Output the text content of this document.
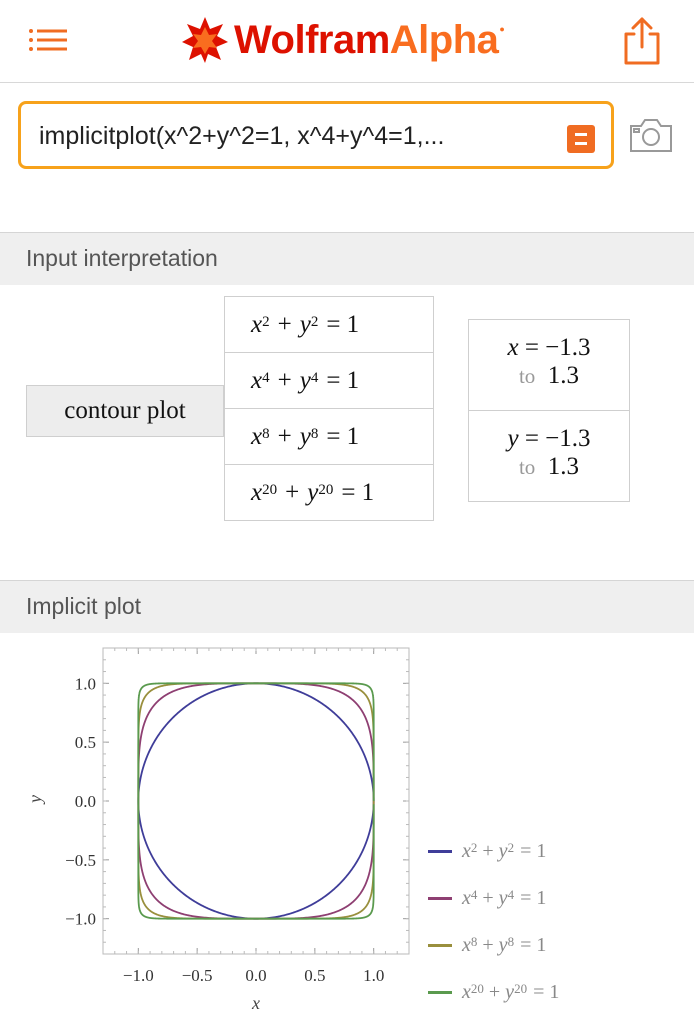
WolframAlpha ●
implicitplot(x^2+y^2=1, x^4+y^4=1,...
Input interpretation
contour plot
$x^2 + y^2 = 1$
$x^4 + y^4 = 1$
$x^8 + y^8 = 1$
$x^{20} + y^{20} = 1$
x = −1.3
to 1.3
y = −1.3
to 1.3
Implicit plot
−1.0 −0.5 0.0 0.5 1.0
1.0
0.5
0.0
−0.5
−1.0
x
y
$x^2 + y^2 = 1$
$x^4 + y^4 = 1$
$x^8 + y^8 = 1$
$x^{20} + y^{20} = 1$
